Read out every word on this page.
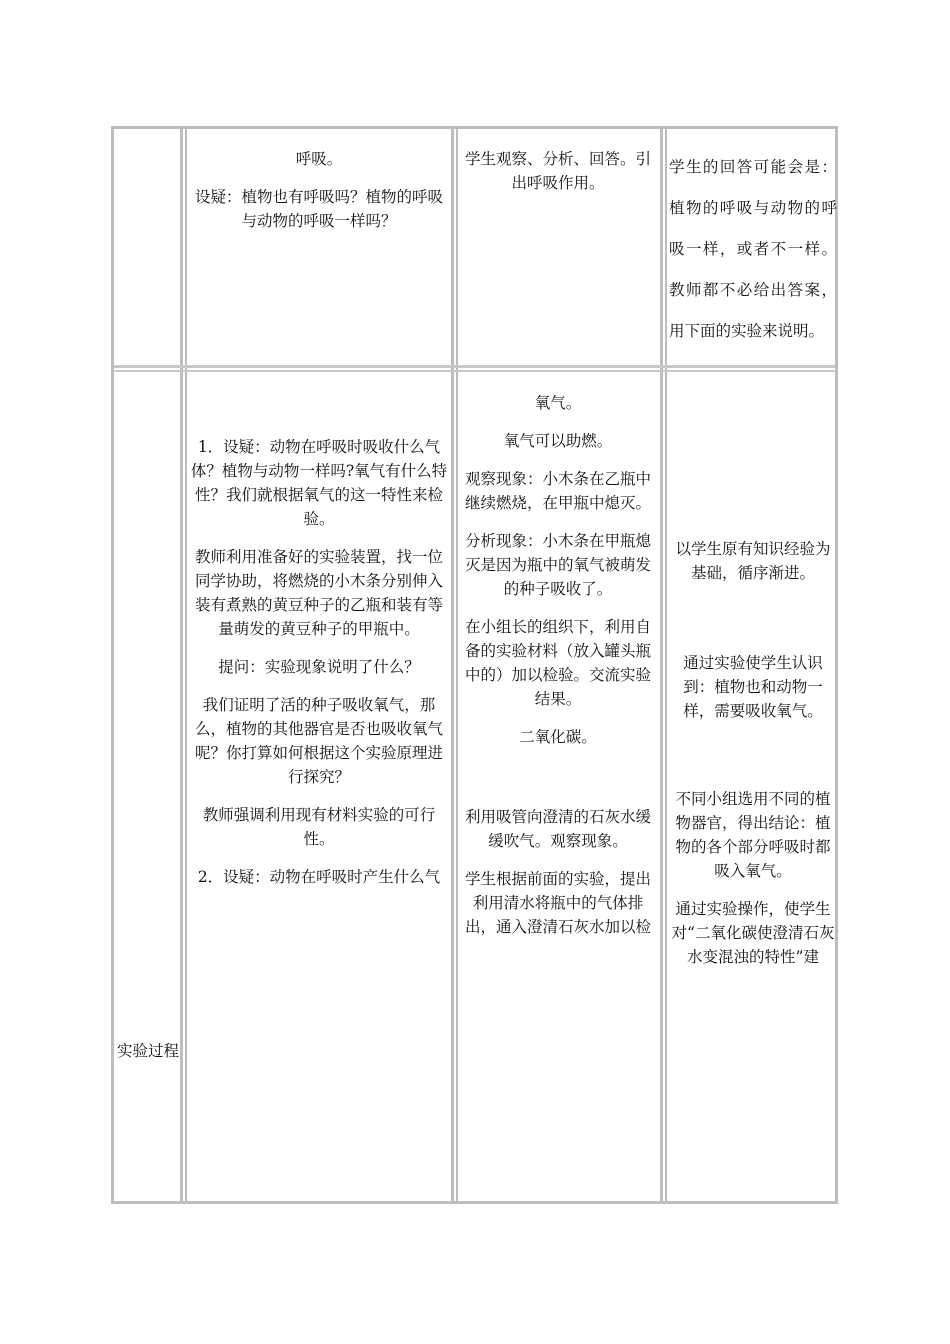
呼吸。

设疑：植物也有呼吸吗？植物的呼吸与动物的呼吸一样吗？

学生观察、分析、回答。引出呼吸作用。

学生的回答可能会是：植物的呼吸与动物的呼吸一样，或者不一样。教师都不必给出答案，用下面的实验来说明。

实验过程

1．设疑：动物在呼吸时吸收什么气体？植物与动物一样吗?氧气有什么特性？我们就根据氧气的这一特性来检验。

教师利用准备好的实验装置，找一位同学协助，将燃烧的小木条分别伸入装有煮熟的黄豆种子的乙瓶和装有等量萌发的黄豆种子的甲瓶中。

提问：实验现象说明了什么？

我们证明了活的种子吸收氧气，那么，植物的其他器官是否也吸收氧气呢？你打算如何根据这个实验原理进行探究？

教师强调利用现有材料实验的可行性。

2．设疑：动物在呼吸时产生什么气

氧气。

氧气可以助燃。

观察现象：小木条在乙瓶中继续燃烧，在甲瓶中熄灭。

分析现象：小木条在甲瓶熄灭是因为瓶中的氧气被萌发的种子吸收了。

在小组长的组织下，利用自备的实验材料（放入罐头瓶中的）加以检验。交流实验结果。

二氧化碳。

利用吸管向澄清的石灰水缓缓吹气。观察现象。

学生根据前面的实验，提出利用清水将瓶中的气体排出，通入澄清石灰水加以检

以学生原有知识经验为基础，循序渐进。

通过实验使学生认识到：植物也和动物一样，需要吸收氧气。

不同小组选用不同的植物器官，得出结论：植物的各个部分呼吸时都吸入氧气。

通过实验操作，使学生对“二氧化碳使澄清石灰水变混浊的特性”建
